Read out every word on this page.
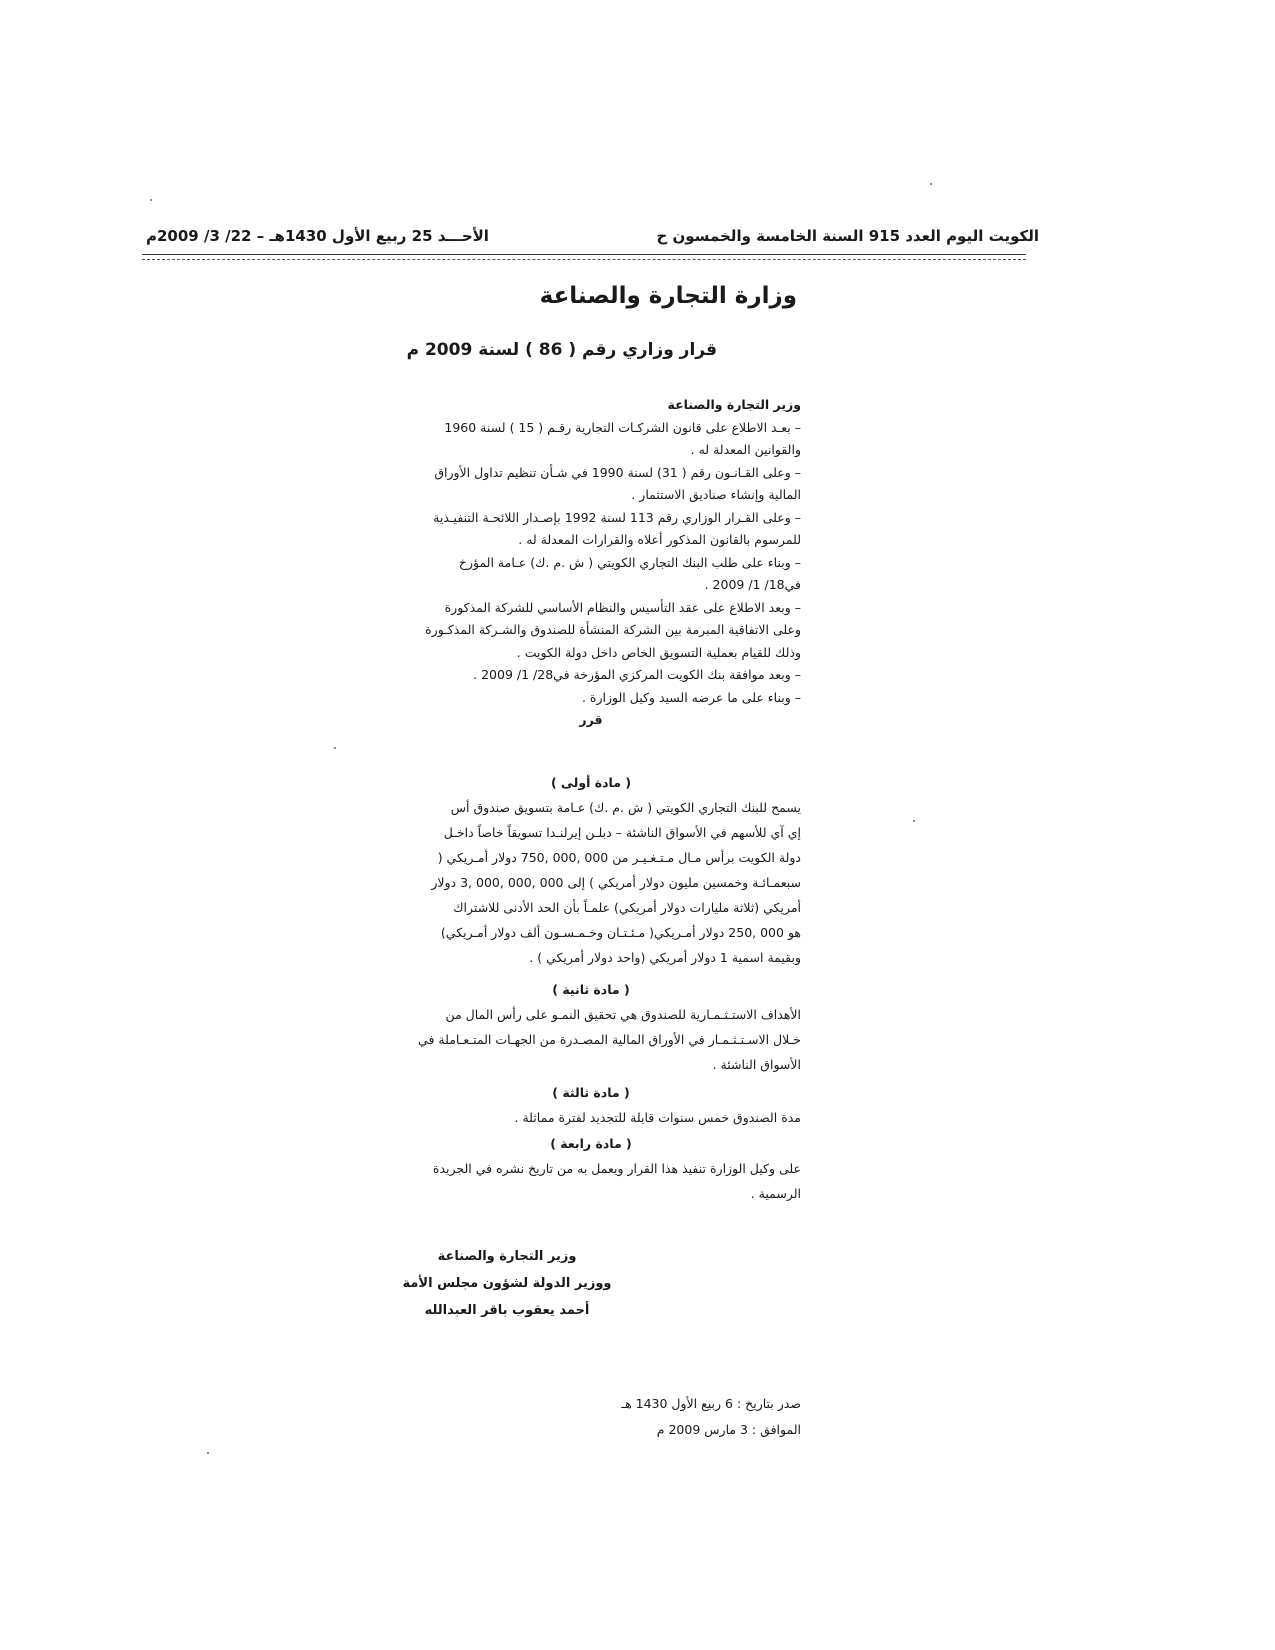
الكويت اليوم العدد 915 السنة الخامسة والخمسون ح
الأحـــد 25 ربيع الأول 1430هـ – 22/ 3/ 2009م
وزارة التجارة والصناعة
قرار وزاري رقم ( 86 ) لسنة 2009 م

وزير التجارة والصناعة

– بعـد الاطلاع على قانون الشركـات التجارية رقـم ( 15 ) لسنة 1960

والقوانين المعدلة له .

– وعلى القـانـون رقم ( 31) لسنة 1990 في شـأن تنظيم تداول الأوراق

المالية وإنشاء صناديق الاستثمار .

– وعلى القـرار الوزاري رقم 113 لسنة 1992 بإصـدار اللائحـة التنفيـذية

للمرسوم بالقانون المذكور أعلاه والقرارات المعدلة له .

– وبناء على طلب البنك التجاري الكويتي ( ش .م .ك) عـامة المؤرخ

في18/ 1/ 2009 .

– وبعد الاطلاع على عقد التأسيس والنظام الأساسي للشركة المذكورة

وعلى الاتفاقية المبرمة بين الشركة المنشأة للصندوق والشـركة المذكـورة

وذلك للقيام بعملية التسويق الخاص داخل دولة الكويت .

– وبعد موافقة بنك الكويت المركزي المؤرخة في28/ 1/ 2009 .

– وبناء على ما عرضه السيد وكيل الوزارة .

قرر

( مادة أولى )

يسمح للبنك التجاري الكويتي ( ش .م .ك) عـامة بتسويق صندوق أس

إي آي للأسهم في الأسواق الناشئة – دبلـن إيرلنـدا تسويقاً خاصاً داخـل

دولة الكويت برأس مـال مـتـغـيـر من 000 ,000 ,750 دولار أمـريكي (

سبعمـائـة وخمسين مليون دولار أمريكي ) إلى 000 ,000 ,000 ,3 دولار

أمريكي (ثلاثة مليارات دولار أمريكي) علمـاً بأن الحد الأدنى للاشتراك

هو 000 ,250 دولار أمـريكي( مـئـتـان وخـمـسـون ألف دولار أمـريكي)

وبقيمة اسمية 1 دولار أمريكي (واحد دولار أمريكي ) .

( مادة ثانية )

الأهداف الاستـثـمـارية للصندوق هي تحقيق النمـو على رأس المال من

خـلال الاسـتـثـمـار في الأوراق المالية المصـدرة من الجهـات المتـعـاملة في

الأسواق الناشئة .

( مادة ثالثة )

مدة الصندوق خمس سنوات قابلة للتجديد لفترة مماثلة .

( مادة رابعة )

على وكيل الوزارة تنفيذ هذا القرار ويعمل به من تاريخ نشره في الجريدة

الرسمية .

وزير التجارة والصناعة
ووزير الدولة لشؤون مجلس الأمة
أحمد يعقوب باقر العبدالله
صدر بتاريخ : 6 ربيع الأول 1430 هـ
الموافق : 3 مارس 2009 م
